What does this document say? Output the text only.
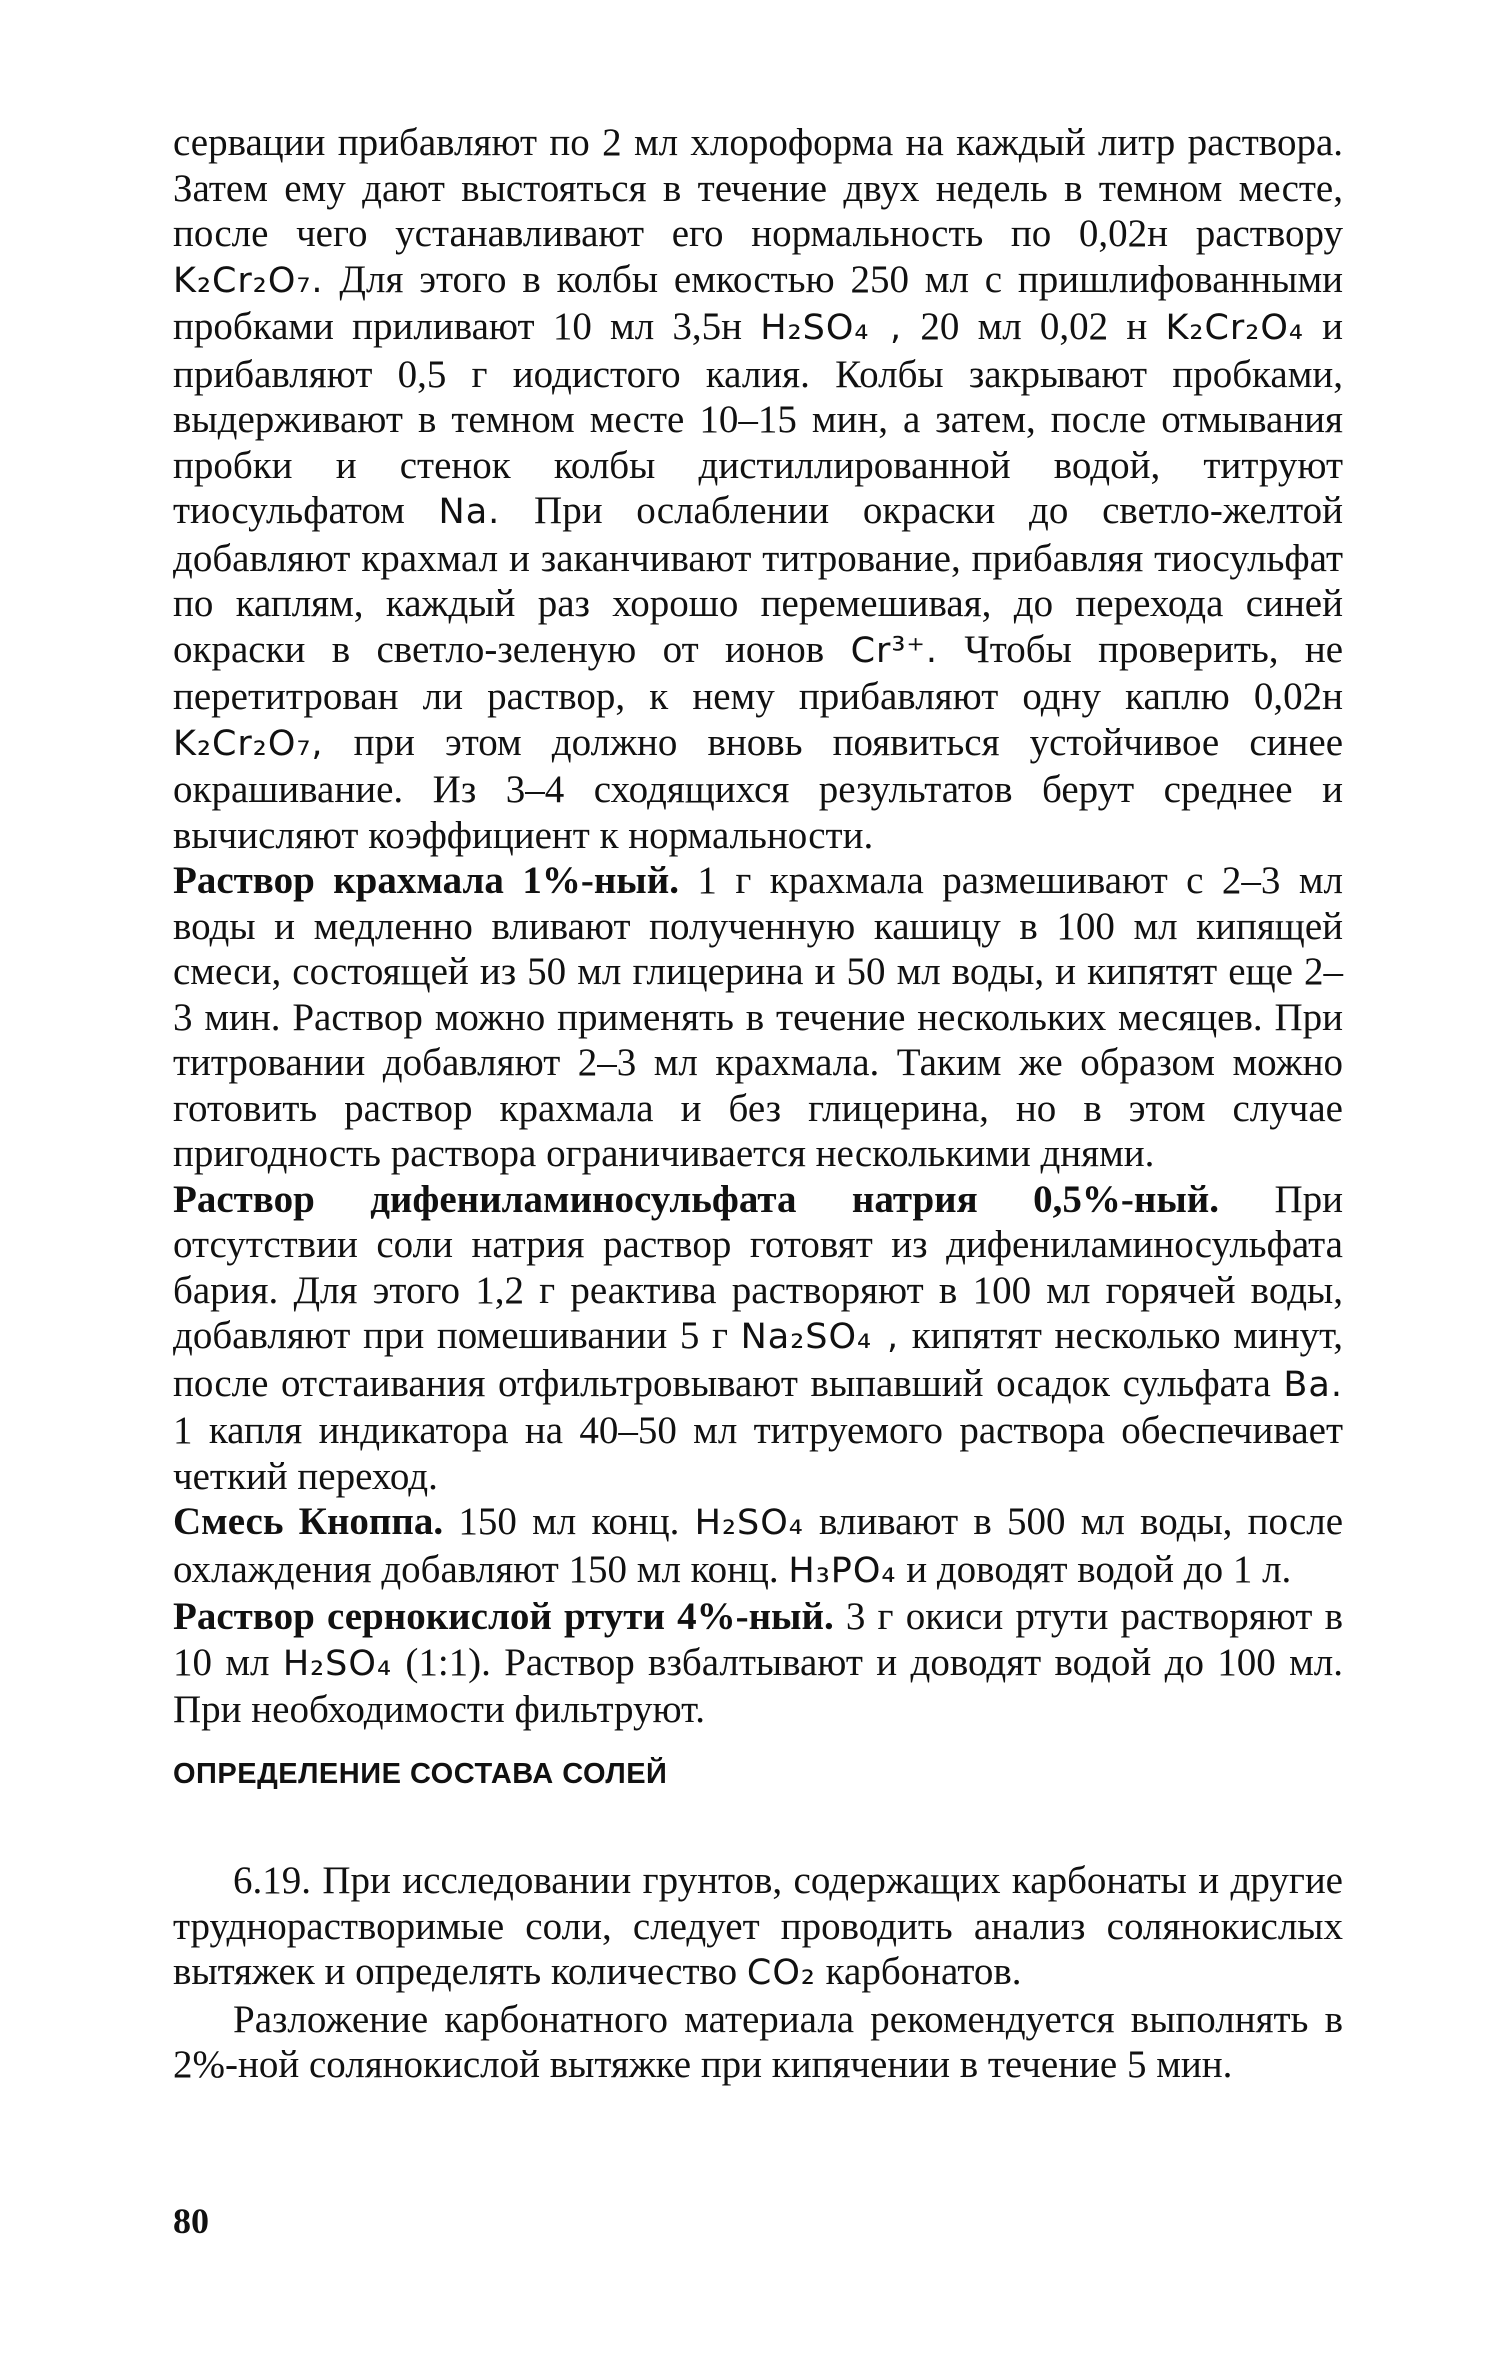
сервации прибавляют по 2 мл хлороформа на каждый литр раствора. Затем ему дают выстояться в течение двух недель в темном месте, после чего устанавливают его нормальность по 0,02н раствору K₂Cr₂O₇. Для этого в колбы емкостью 250 мл с пришлифованными пробками приливают 10 мл 3,5н H₂SO₄ , 20 мл 0,02 н K₂Cr₂O₄ и прибавляют 0,5 г иодистого калия. Колбы закрывают пробками, выдерживают в темном месте 10–15 мин, а затем, после отмывания пробки и стенок колбы дистиллированной водой, титруют тиосульфатом Na. При ослаблении окраски до светло-желтой добавляют крахмал и заканчивают титрование, прибавляя тиосульфат по каплям, каждый раз хорошо перемешивая, до перехода синей окраски в светло-зеленую от ионов Cr³⁺. Чтобы проверить, не перетитрован ли раствор, к нему прибавляют одну каплю 0,02н K₂Cr₂O₇, при этом должно вновь появиться устойчивое синее окрашивание. Из 3–4 сходящихся результатов берут среднее и вычисляют коэффициент к нормальности.

Раствор крахмала 1%-ный. 1 г крахмала размешивают с 2–3 мл воды и медленно вливают полученную кашицу в 100 мл кипящей смеси, состоящей из 50 мл глицерина и 50 мл воды, и кипятят еще 2–3 мин. Раствор можно применять в течение нескольких месяцев. При титровании добавляют 2–3 мл крахмала. Таким же образом можно готовить раствор крахмала и без глицерина, но в этом случае пригодность раствора ограничивается несколькими днями.

Раствор дифениламиносульфата натрия 0,5%-ный. При отсутствии соли натрия раствор готовят из дифениламиносульфата бария. Для этого 1,2 г реактива растворяют в 100 мл горячей воды, добавляют при помешивании 5 г Na₂SO₄ , кипятят несколько минут, после отстаивания отфильтровывают выпавший осадок сульфата Ba. 1 капля индикатора на 40–50 мл титруемого раствора обеспечивает четкий переход.

Смесь Кноппа. 150 мл конц. H₂SO₄ вливают в 500 мл воды, после охлаждения добавляют 150 мл конц. H₃PO₄ и доводят водой до 1 л.

Раствор сернокислой ртути 4%-ный. 3 г окиси ртути растворяют в 10 мл H₂SO₄ (1:1). Раствор взбалтывают и доводят водой до 100 мл. При необходимости фильтруют.

ОПРЕДЕЛЕНИЕ СОСТАВА СОЛЕЙ

6.19. При исследовании грунтов, содержащих карбонаты и другие труднорастворимые соли, следует проводить анализ солянокислых вытяжек и определять количество CO₂ карбонатов.

Разложение карбонатного материала рекомендуется выполнять в 2%-ной солянокислой вытяжке при кипячении в течение 5 мин.

80
